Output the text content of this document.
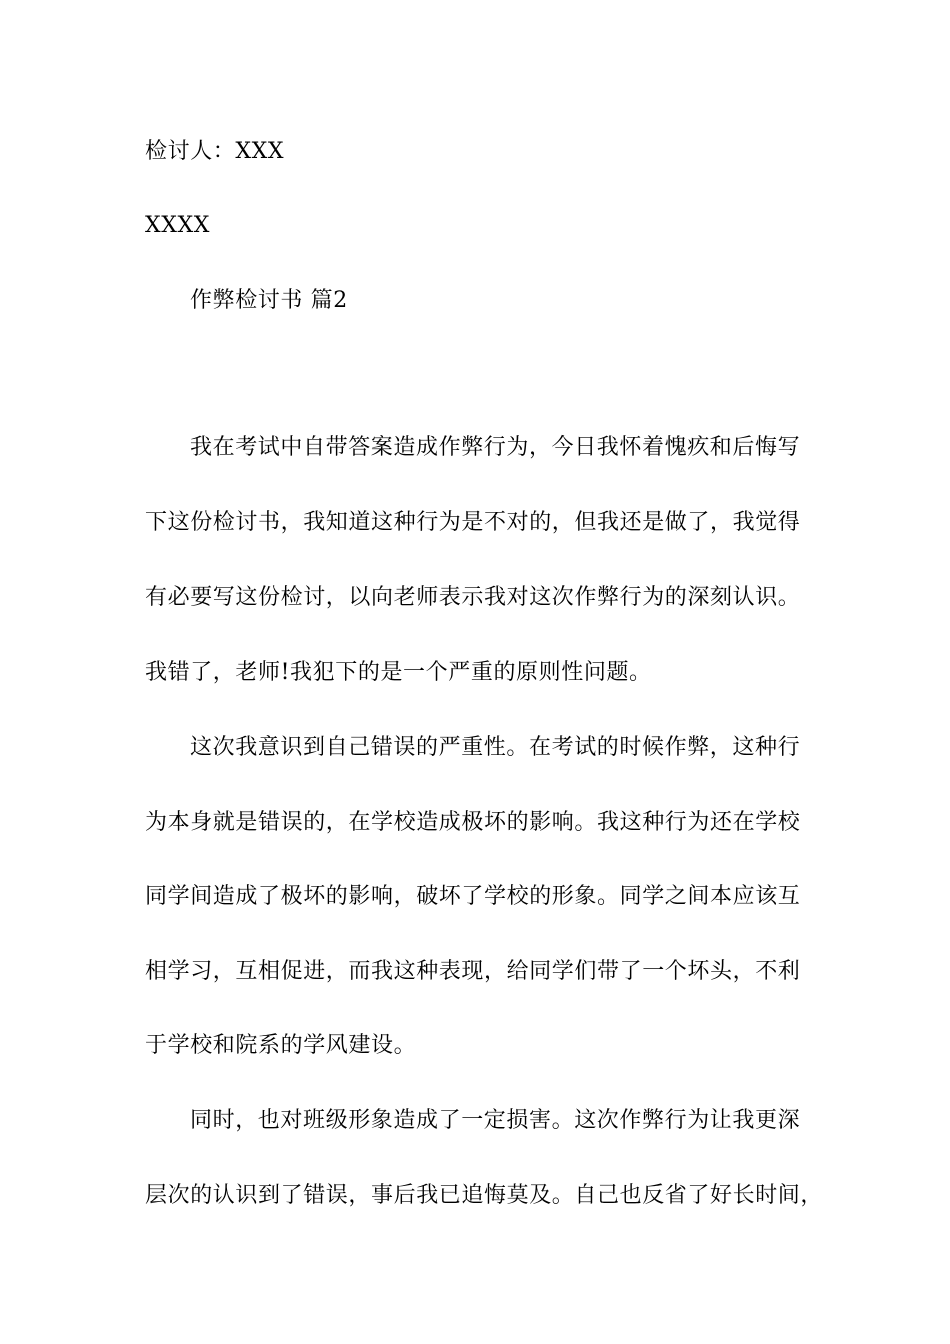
检讨人：XXX
XXXX
作弊检讨书 篇2
我在考试中自带答案造成作弊行为，今日我怀着愧疚和后悔写
下这份检讨书，我知道这种行为是不对的，但我还是做了，我觉得
有必要写这份检讨，以向老师表示我对这次作弊行为的深刻认识。
我错了，老师!我犯下的是一个严重的原则性问题。
这次我意识到自己错误的严重性。在考试的时候作弊，这种行
为本身就是错误的，在学校造成极坏的影响。我这种行为还在学校
同学间造成了极坏的影响，破坏了学校的形象。同学之间本应该互
相学习，互相促进，而我这种表现，给同学们带了一个坏头，不利
于学校和院系的学风建设。
同时，也对班级形象造成了一定损害。这次作弊行为让我更深
层次的认识到了错误，事后我已追悔莫及。自己也反省了好长时间，
